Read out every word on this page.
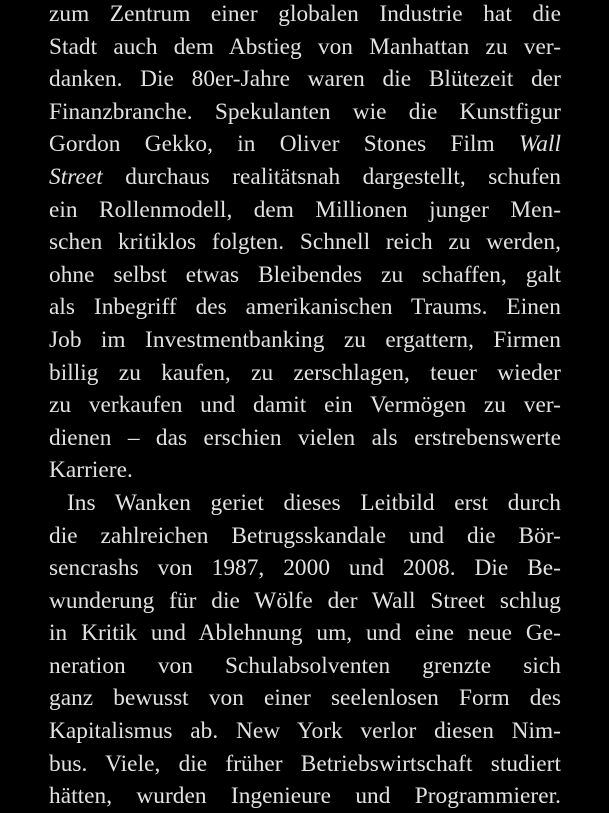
zum Zentrum einer globalen Industrie hat die
Stadt auch dem Abstieg von Manhattan zu ver-
danken. Die 80er-Jahre waren die Blütezeit der
Finanzbranche. Spekulanten wie die Kunstfigur
Gordon Gekko, in Oliver Stones Film Wall
Street durchaus realitätsnah dargestellt, schufen
ein Rollenmodell, dem Millionen junger Men-
schen kritiklos folgten. Schnell reich zu werden,
ohne selbst etwas Bleibendes zu schaffen, galt
als Inbegriff des amerikanischen Traums. Einen
Job im Investmentbanking zu ergattern, Firmen
billig zu kaufen, zu zerschlagen, teuer wieder
zu verkaufen und damit ein Vermögen zu ver-
dienen – das erschien vielen als erstrebenswerte
Karriere.
Ins Wanken geriet dieses Leitbild erst durch
die zahlreichen Betrugsskandale und die Bör-
sencrashs von 1987, 2000 und 2008. Die Be-
wunderung für die Wölfe der Wall Street schlug
in Kritik und Ablehnung um, und eine neue Ge-
neration von Schulabsolventen grenzte sich
ganz bewusst von einer seelenlosen Form des
Kapitalismus ab. New York verlor diesen Nim-
bus. Viele, die früher Betriebswirtschaft studiert
hätten, wurden Ingenieure und Programmierer.
